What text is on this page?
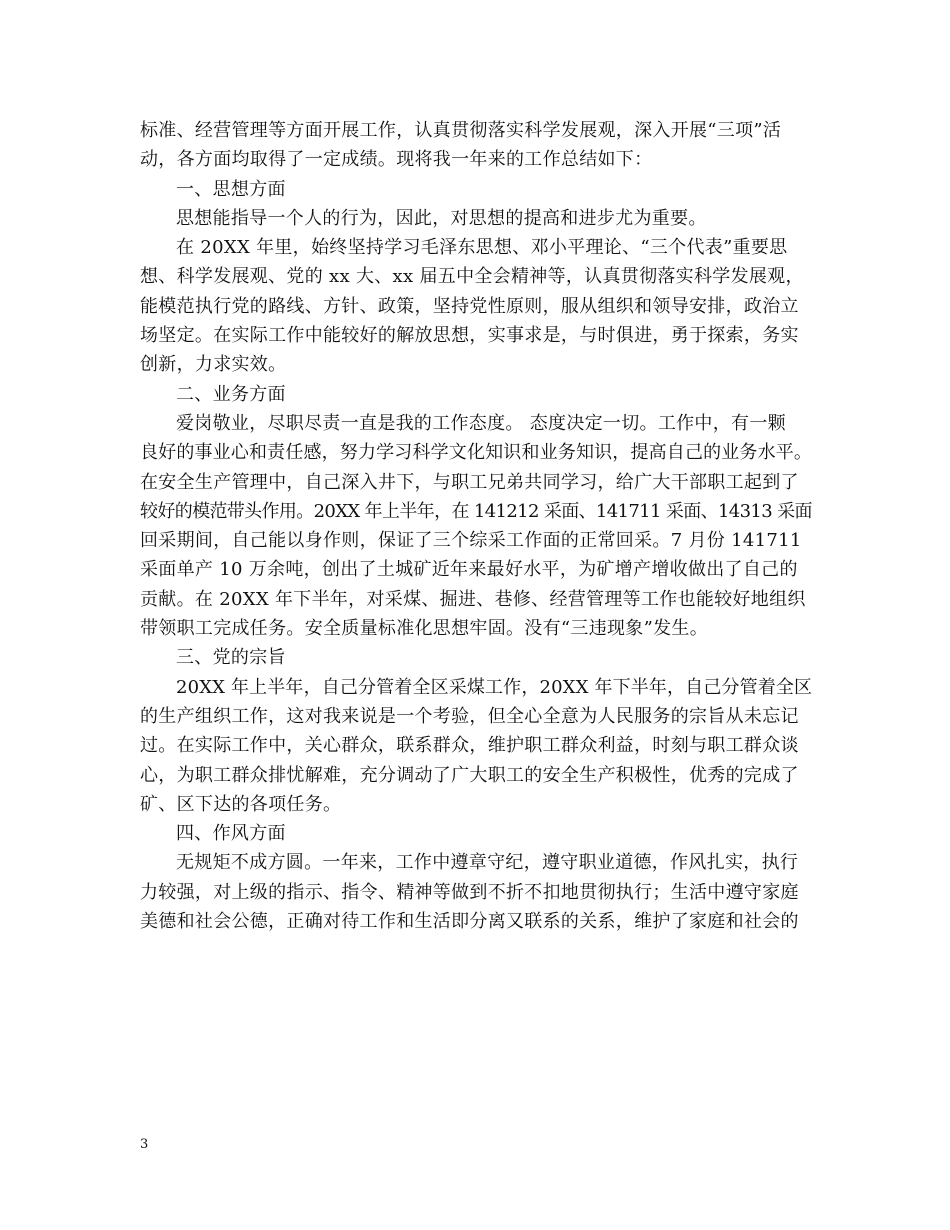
标准、经营管理等方面开展工作，认真贯彻落实科学发展观，深入开展“三项”活
动，各方面均取得了一定成绩。现将我一年来的工作总结如下：
一、思想方面
思想能指导一个人的行为，因此，对思想的提高和进步尤为重要。
在 20XX 年里，始终坚持学习毛泽东思想、邓小平理论、“三个代表”重要思
想、科学发展观、党的 xx 大、xx 届五中全会精神等，认真贯彻落实科学发展观，
能模范执行党的路线、方针、政策，坚持党性原则，服从组织和领导安排，政治立
场坚定。在实际工作中能较好的解放思想，实事求是，与时俱进，勇于探索，务实
创新，力求实效。
二、业务方面
爱岗敬业，尽职尽责一直是我的工作态度。 态度决定一切。工作中，有一颗
良好的事业心和责任感，努力学习科学文化知识和业务知识，提高自己的业务水平。
在安全生产管理中，自己深入井下，与职工兄弟共同学习，给广大干部职工起到了
较好的模范带头作用。20XX 年上半年，在 141212 采面、141711 采面、14313 采面
回采期间，自己能以身作则，保证了三个综采工作面的正常回采。7 月份 141711
采面单产 10 万余吨，创出了土城矿近年来最好水平，为矿增产增收做出了自己的
贡献。在 20XX 年下半年，对采煤、掘进、巷修、经营管理等工作也能较好地组织
带领职工完成任务。安全质量标准化思想牢固。没有“三违现象”发生。
三、党的宗旨
20XX 年上半年，自己分管着全区采煤工作，20XX 年下半年，自己分管着全区
的生产组织工作，这对我来说是一个考验，但全心全意为人民服务的宗旨从未忘记
过。在实际工作中，关心群众，联系群众，维护职工群众利益，时刻与职工群众谈
心，为职工群众排忧解难，充分调动了广大职工的安全生产积极性，优秀的完成了
矿、区下达的各项任务。
四、作风方面
无规矩不成方圆。一年来，工作中遵章守纪，遵守职业道德，作风扎实，执行
力较强，对上级的指示、指令、精神等做到不折不扣地贯彻执行；生活中遵守家庭
美德和社会公德，正确对待工作和生活即分离又联系的关系，维护了家庭和社会的
3
